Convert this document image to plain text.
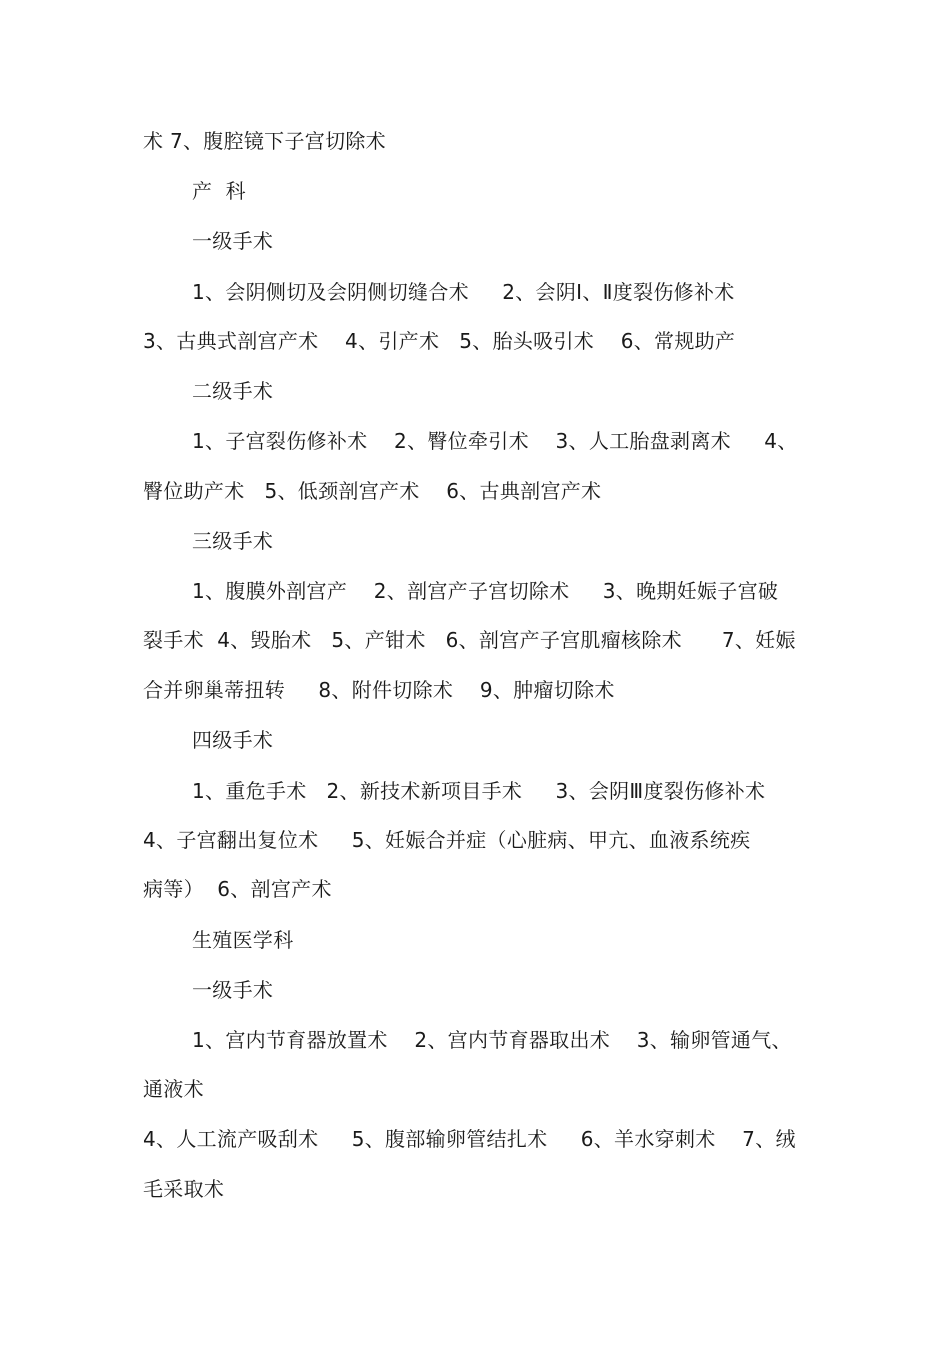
术 7、腹腔镜下子宫切除术
产  科
一级手术
1、会阴侧切及会阴侧切缝合术     2、会阴Ⅰ、Ⅱ度裂伤修补术
3、古典式剖宫产术    4、引产术   5、胎头吸引术    6、常规助产
二级手术
1、子宫裂伤修补术    2、臀位牵引术    3、人工胎盘剥离术     4、
臀位助产术   5、低颈剖宫产术    6、古典剖宫产术
三级手术
1、腹膜外剖宫产    2、剖宫产子宫切除术     3、晚期妊娠子宫破
裂手术  4、毁胎术   5、产钳术   6、剖宫产子宫肌瘤核除术      7、妊娠
合并卵巢蒂扭转     8、附件切除术    9、肿瘤切除术
四级手术
1、重危手术   2、新技术新项目手术     3、会阴Ⅲ度裂伤修补术
4、子宫翻出复位术     5、妊娠合并症（心脏病、甲亢、血液系统疾
病等）  6、剖宫产术
生殖医学科
一级手术
1、宫内节育器放置术    2、宫内节育器取出术    3、输卵管通气、
通液术
4、人工流产吸刮术     5、腹部输卵管结扎术     6、羊水穿刺术    7、绒
毛采取术
